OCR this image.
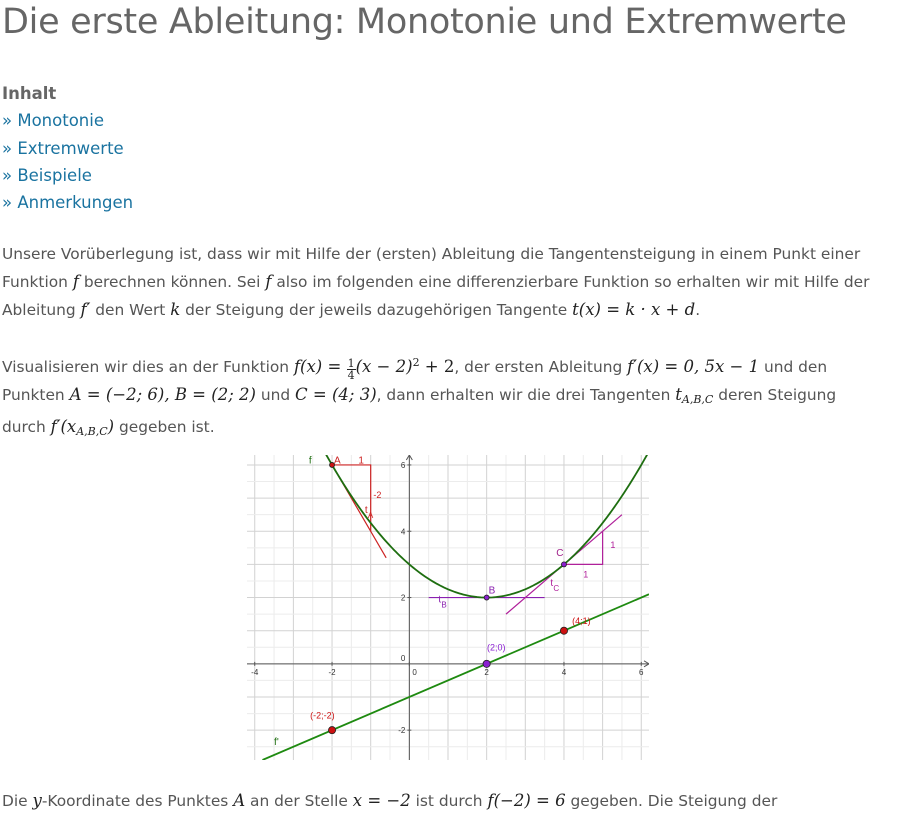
Die erste Ableitung: Monotonie und Extremwerte
Inhalt
» Monotonie
» Extremwerte
» Beispiele
» Anmerkungen
Unsere Vorüberlegung ist, dass wir mit Hilfe der (ersten) Ableitung die Tangentensteigung in einem Punkt einer
Funktion f berechnen können. Sei f also im folgenden eine differenzierbare Funktion so erhalten wir mit Hilfe der
Ableitung f′ den Wert k der Steigung der jeweils dazugehörigen Tangente t(x) = k · x + d.
Visualisieren wir dies an der Funktion $f(x) = \frac{1}{4} (x - 2)^2 + 2$, der ersten Ableitung f′(x) = 0, 5x − 1 und den
Punkten A = (−2; 6), B = (2; 2) und C = (4; 3), dann erhalten wir die drei Tangenten $t_{A,B,C}$ deren Steigung
durch $f'(x_{A,B,C})$ gegeben ist.
-4	-2	0	2	4	6
-2
0
2
4
6
f
f'
A 1
-2
B
C
1
1
t A
t B
t C
(-2;-2)
(2;0)
(4;1)
Die y-Koordinate des Punktes A an der Stelle x = −2 ist durch f(−2) = 6 gegeben. Die Steigung der
